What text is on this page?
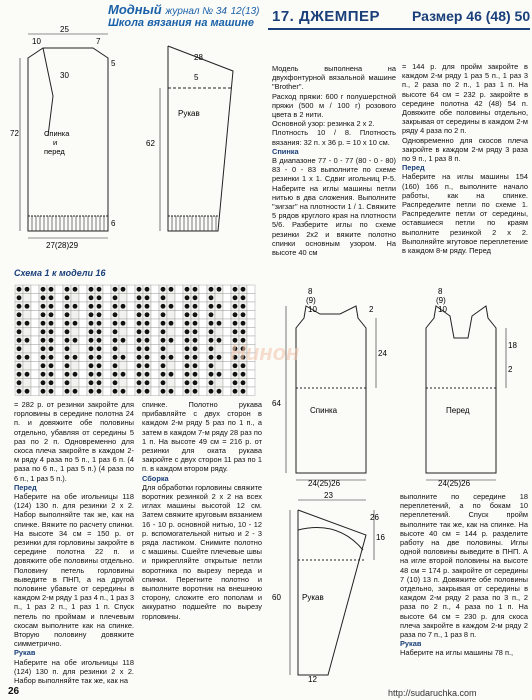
Модный журнал № 34 12(13)
Школа вязания на машине 17. ДЖЕМПЕР Размер 46 (48) 50
25
10	7
5
30
72
6
27(28)29
Спинка и перед
28
5
62
Рукав

Модель выполнена на двухфонтурной вязальной машине "Brother".

Расход пряжи: 600 г полушерстной пряжи (500 м / 100 г) розового цвета в 2 нити.

Основной узор: резинка 2 х 2.

Плотность 10 / 8. Плотность вязания: 32 п. х 36 р. = 10 х 10 см.

Спинка

В диапазоне 77 - 0 - 77 (80 - 0 - 80) 83 - 0 - 83 выполните по схеме резинки 1 х 1. Сдвиг игольниц Р-5. Наберите на иглы машины петли нитью в два сложения. Выполните "зигзаг" на плотности 1 / 1. Свяжите 5 рядов круглого края на плотности 5/6. Разберите иглы по схеме резинки 2х2 и вяжите полотно спинки основным узором. На высоте 40 см

= 144 р. для пройм закройте в каждом 2-м ряду 1 раз 5 п., 1 раз 3 п., 2 раза по 2 п., 1 раз 1 п. На высоте 64 см = 232 р. закройте в середине полотна 42 (48) 54 п. Довяжите обе половины отдельно, закрывая от середины в каждом 2-м ряду 4 раза по 2 п.

Одновременно для скосов плеча закройте в каждом 2-м ряду 3 раза по 9 п., 1 раз 8 п.

Перед

Наберите на иглы машины 154 (160) 166 п., выполните начало работы, как на спинке. Распределите петли по схеме 1. Распределите петли от середины, оставшиеся петли по краям выполните резинкой 2 х 2. Выполняйте жгутовое переплетение в каждом 8-м ряду. Перед

Схема 1 к модели 16
8
(9)
10	2
24
64
Спинка
24(25)26
8
(9)
10
18
2
Перед
24(25)26
23
26
16
60	Рукав
12

= 282 р. от резинки закройте для горловины в середине полотна 24 п. и довяжите обе половины отдельно, убавляя от середины 5 раз по 2 п. Одновременно для скоса плеча закройте в каждом 2-м ряду 4 раза по 5 п., 1 раз 6 п. (4 раза по 6 п., 1 раз 5 п.) (4 раза по 6 п., 1 раз 5 п.).

Перед

Наберите на обе игольницы 118 (124) 130 п. для резинки 2 х 2. Набор выполняйте так же, как на спинке. Вяжите по расчету спинки. На высоте 34 см = 150 р. от резинки для горловины закройте в середине полотна 22 п. и довяжите обе половины отдельно. Половину петель горловины выведите в ПНП, а на другой половине убавьте от середины в каждом 2-м ряду 1 раз 4 п., 1 раз 3 п., 1 раз 2 п., 1 раз 1 п. Спуск петель по проймам и плечевым скосам выполните как на спинке. Вторую половину довяжите симметрично.

Рукав

Наберите на обе игольницы 118 (124) 130 п. для резинки 2 х 2. Набор выполняйте так же, как на

спинке. Полотно рукава прибавляйте с двух сторон в каждом 2-м ряду 5 раз по 1 п., а затем в каждом 7-м ряду 28 раз по 1 п. На высоте 49 см = 216 р. от резинки для оката рукава закройте с двух сторон 11 раз по 1 п. в каждом втором ряду.

Сборка

Для обработки горловины свяжите воротник резинкой 2 х 2 на всех иглах машины высотой 12 см. Затем свяжите круговым вязанием 16 - 10 р. основной нитью, 10 - 12 р. вспомогательной нитью и 2 - 3 ряда ластиком. Снимите полотно с машины. Сшейте плечевые швы и прикрепляйте открытые петли воротника по вырезу переда и спинки. Перегните полотно и выполните воротник на внешнюю сторону, сложите его пополам и аккуратно подшейте по вырезу горловины.

выполните по середине 18 переплетений, а по бокам 10 переплетений. Спуск пройм выполните так же, как на спинке. На высоте 40 см = 144 р. разделите работу на две половины. Иглы одной половины выведите в ПНП. А на игле второй половины на высоте 48 см = 174 р. закройте от середины 7 (10) 13 п. Довяжите обе половины отдельно, закрывая от середины в каждом 2-м ряду 2 раза по 3 п., 2 раза по 2 п., 4 раза по 1 п. На высоте 64 см = 230 р. для скоса плеча закройте в каждом 2-м ряду 2 раза по 7 п., 1 раз 8 п.

Рукав

Наберите на иглы машины 78 п.,

Нинон
26	http://sudaruchka.com
